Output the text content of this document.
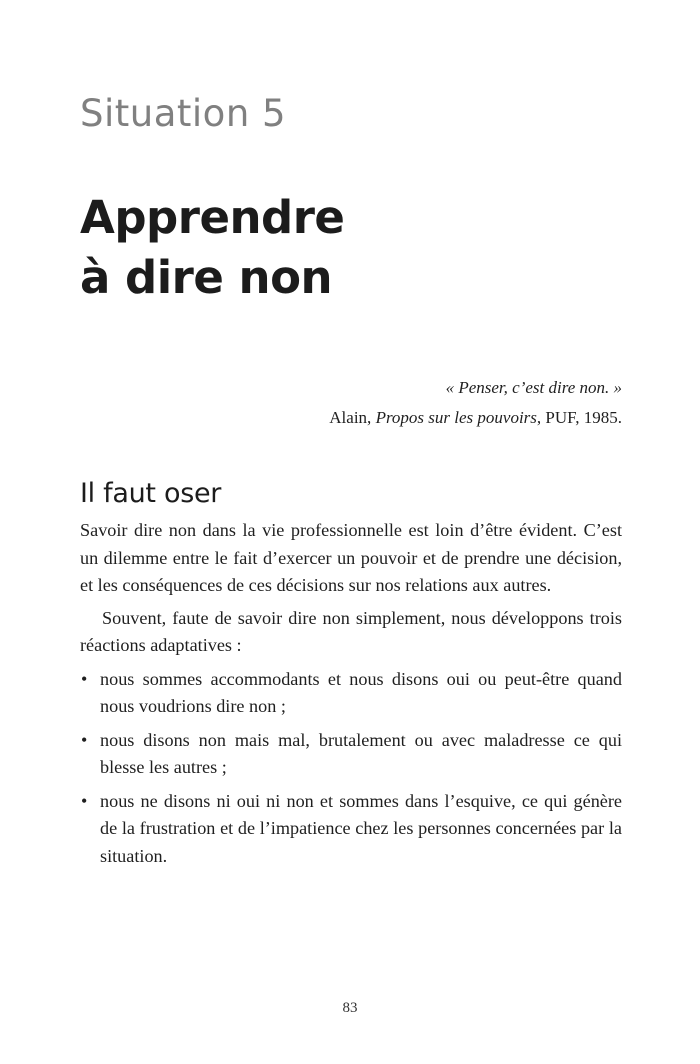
Situation 5
Apprendre
à dire non
« Penser, c’est dire non. »
Alain, Propos sur les pouvoirs, PUF, 1985.
Il faut oser

Savoir dire non dans la vie professionnelle est loin d’être évident. C’est un dilemme entre le fait d’exercer un pouvoir et de prendre une décision, et les conséquences de ces décisions sur nos relations aux autres.

Souvent, faute de savoir dire non simplement, nous développons trois réactions adaptatives :

• nous sommes accommodants et nous disons oui ou peut-être quand nous voudrions dire non ;
• nous disons non mais mal, brutalement ou avec maladresse ce qui blesse les autres ;
• nous ne disons ni oui ni non et sommes dans l’esquive, ce qui génère de la frustration et de l’impatience chez les personnes concernées par la situation.
83
